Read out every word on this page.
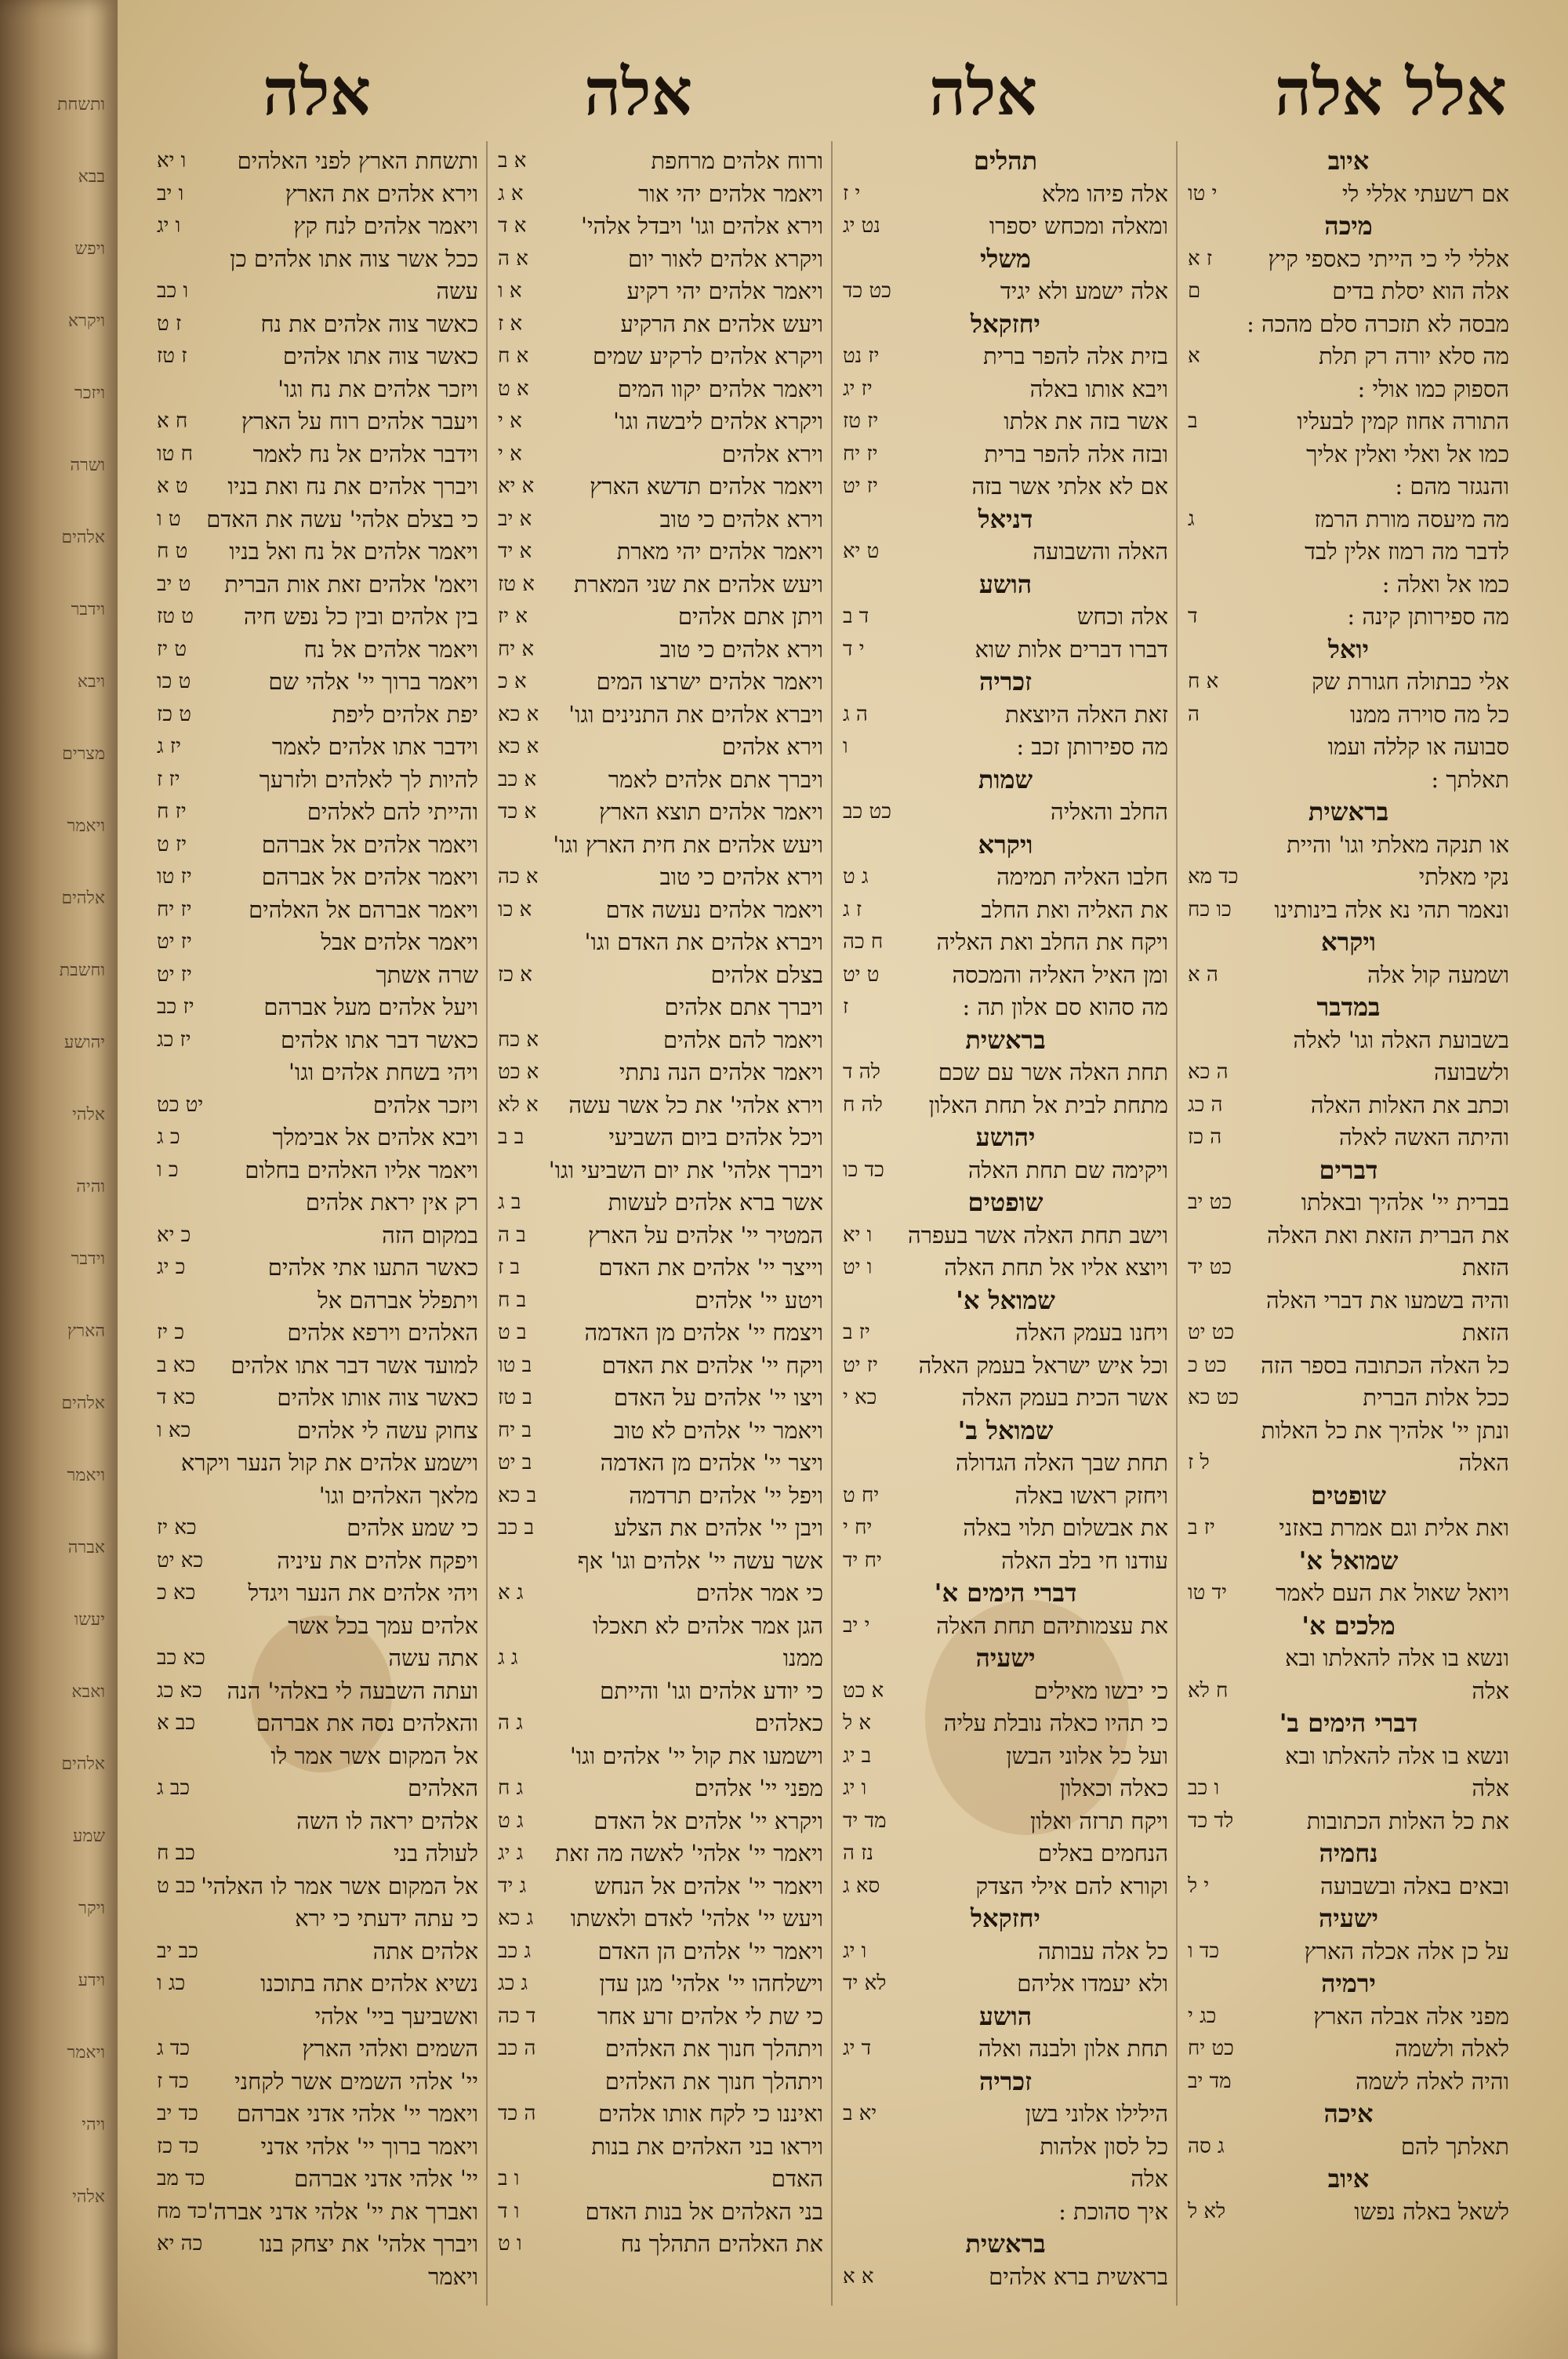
ותשחת
בבא
ויפש
ויקרא
ויזכר
ושרה
אלהים
וידבר
ויבא
מצרים
ויאמר
אלהים
וחשבת
יהושע
אלהי
והיה
וידבר
הארץ
אלהים
ויאמר
אברה
יעשו
ואבא
אלהים
שמע
ויקר
וידע
ויאמר
ויהי
אלהי
אלל אלה
אלה
אלה
אלה
איוב
אם רשעתי אללי לי
י טו
מיכה
אללי לי כי הייתי כאספי קיץ
ז א
אלה הוא יסלת בדים
ם
מבסה לא תזכרה סלם מהכה :
מה סלא יורה רק תלת
א
הספוק כמו אולי :
התורה אחוז קמין לבעליו
ב
כמו אל ואלי ואלין אליך
והנגזר מהם :
מה מיעסה מורת הרמז
ג
לדבר מה רמוז אלין לבד
כמו אל ואלה :
מה ספירותן קינה :
ד
יואל
אלי כבתולה חגורת שק
א ח
כל מה סוירה ממנו
ה
סבועה או קללה ועמו
תאלתך :
בראשית
או תנקה מאלתי וגו' והיית
נקי מאלתי
כד מא
ונאמר תהי נא אלה בינותינו
כו כח
ויקרא
ושמעה קול אלה
ה א
במדבר
בשבועת האלה וגו' לאלה
ולשבועה
ה כא
וכתב את האלות האלה
ה כג
והיתה האשה לאלה
ה כז
דברים
בברית יי' אלהיך ובאלתו
כט יב
את הברית הזאת ואת האלה
הזאת
כט יד
והיה בשמעו את דברי האלה
הזאת
כט יט
כל האלה הכתובה בספר הזה
כט כ
ככל אלות הברית
כט כא
ונתן יי' אלהיך את כל האלות
האלה
ל ז
שופטים
ואת אלית וגם אמרת באזני
יז ב
שמואל א'
ויואל שאול את העם לאמר
יד טו
מלכים א'
ונשא בו אלה להאלתו ובא
אלה
ח לא
דברי הימים ב'
ונשא בו אלה להאלתו ובא
אלה
ו כב
את כל האלות הכתובות
לד כד
נחמיה
ובאים באלה ובשבועה
י ל
ישעיה
על כן אלה אכלה הארץ
כד ו
ירמיה
מפני אלה אבלה הארץ
כג י
לאלה ולשמה
כט יח
והיה לאלה לשמה
מד יב
איכה
תאלתך להם
ג סה
איוב
לשאל באלה נפשו
לא ל
תהלים
אלה פיהו מלא
י ז
ומאלה ומכחש יספרו
נט יג
משלי
אלה ישמע ולא יגיד
כט כד
יחזקאל
בזית אלה להפר ברית
יז נט
ויבא אותו באלה
יז יג
אשר בזה את אלתו
יז טז
ובזה אלה להפר ברית
יז יח
אם לא אלתי אשר בזה
יז יט
דניאל
האלה והשבועה
ט יא
הושע
אלה וכחש
ד ב
דברו דברים אלות שוא
י ד
זכריה
זאת האלה היוצאת
ה ג
מה ספירותן זכב :
ו
שמות
החלב והאליה
כט כב
ויקרא
חלבו האליה תמימה
ג ט
את האליה ואת החלב
ז ג
ויקח את החלב ואת האליה
ח כה
ומן האיל האליה והמכסה
ט יט
מה סהוא סם אלון תה :
ז
בראשית
תחת האלה אשר עם שכם
לה ד
מתחת לבית אל תחת האלון
לה ח
יהושע
ויקימה שם תחת האלה
כד כו
שופטים
וישב תחת האלה אשר בעפרה
ו יא
ויוצא אליו אל תחת האלה
ו יט
שמואל א'
ויחנו בעמק האלה
יז ב
וכל איש ישראל בעמק האלה
יז יט
אשר הכית בעמק האלה
כא י
שמואל ב'
תחת שבך האלה הגדולה
ויחזק ראשו באלה
יח ט
את אבשלום תלוי באלה
יח י
עודנו חי בלב האלה
יח יד
דברי הימים א'
את עצמותיהם תחת האלה
י יב
ישעיה
כי יבשו מאילים
א כט
כי תהיו כאלה נובלת עליה
א ל
ועל כל אלוני הבשן
ב יג
כאלה וכאלון
ו יג
ויקח תרזה ואלון
מד יד
הנחמים באלים
נז ה
וקורא להם אילי הצדק
סא ג
יחזקאל
כל אלה עבותה
ו יג
ולא יעמדו אליהם
לא יד
הושע
תחת אלון ולבנה ואלה
ד יג
זכריה
הילילו אלוני בשן
יא ב
כל לסון אלהות
אלה
איך סהוכת :
בראשית
בראשית ברא אלהים
א א
ורוח אלהים מרחפת
א ב
ויאמר אלהים יהי אור
א ג
וירא אלהים וגו' ויבדל אלהי'
א ד
ויקרא אלהים לאור יום
א ה
ויאמר אלהים יהי רקיע
א ו
ויעש אלהים את הרקיע
א ז
ויקרא אלהים לרקיע שמים
א ח
ויאמר אלהים יקוו המים
א ט
ויקרא אלהים ליבשה וגו'
א י
וירא אלהים
א י
ויאמר אלהים תדשא הארץ
א יא
וירא אלהים כי טוב
א יב
ויאמר אלהים יהי מארת
א יד
ויעש אלהים את שני המארת
א טז
ויתן אתם אלהים
א יז
וירא אלהים כי טוב
א יח
ויאמר אלהים ישרצו המים
א כ
ויברא אלהים את התנינים וגו'
א כא
וירא אלהים
א כא
ויברך אתם אלהים לאמר
א כב
ויאמר אלהים תוצא הארץ
א כד
ויעש אלהים את חית הארץ וגו'
וירא אלהים כי טוב
א כה
ויאמר אלהים נעשה אדם
א כו
ויברא אלהים את האדם וגו'
בצלם אלהים
א כז
ויברך אתם אלהים
ויאמר להם אלהים
א כח
ויאמר אלהים הנה נתתי
א כט
וירא אלהי' את כל אשר עשה
א לא
ויכל אלהים ביום השביעי
ב ב
ויברך אלהי' את יום השביעי וגו'
אשר ברא אלהים לעשות
ב ג
המטיר יי' אלהים על הארץ
ב ה
וייצר יי' אלהים את האדם
ב ז
ויטע יי' אלהים
ב ח
ויצמח יי' אלהים מן האדמה
ב ט
ויקח יי' אלהים את האדם
ב טו
ויצו יי' אלהים על האדם
ב טז
ויאמר יי' אלהים לא טוב
ב יח
ויצר יי' אלהים מן האדמה
ב יט
ויפל יי' אלהים תרדמה
ב כא
ויבן יי' אלהים את הצלע
ב כב
אשר עשה יי' אלהים וגו' אף
כי אמר אלהים
ג א
הגן אמר אלהים לא תאכלו
ממנו
ג ג
כי יודע אלהים וגו' והייתם
כאלהים
ג ה
וישמעו את קול יי' אלהים וגו'
מפני יי' אלהים
ג ח
ויקרא יי' אלהים אל האדם
ג ט
ויאמר יי' אלהי' לאשה מה זאת
ג יג
ויאמר יי' אלהים אל הנחש
ג יד
ויעש יי' אלהי' לאדם ולאשתו
ג כא
ויאמר יי' אלהים הן האדם
ג כב
וישלחהו יי' אלהי' מגן עדן
ג כג
כי שת לי אלהים זרע אחר
ד כה
ויתהלך חנוך את האלהים
ה כב
ויתהלך חנוך את האלהים
ואיננו כי לקח אותו אלהים
ה כד
ויראו בני האלהים את בנות
האדם
ו ב
בני האלהים אל בנות האדם
ו ד
את האלהים התהלך נח
ו ט
ותשחת הארץ לפני האלהים
ו יא
וירא אלהים את הארץ
ו יב
ויאמר אלהים לנח קץ
ו יג
ככל אשר צוה אתו אלהים כן
עשה
ו כב
כאשר צוה אלהים את נח
ז ט
כאשר צוה אתו אלהים
ז טז
ויזכר אלהים את נח וגו'
ויעבר אלהים רוח על הארץ
ח א
וידבר אלהים אל נח לאמר
ח טו
ויברך אלהים את נח ואת בניו
ט א
כי בצלם אלהי' עשה את האדם
ט ו
ויאמר אלהים אל נח ואל בניו
ט ח
ויאמ' אלהים זאת אות הברית
ט יב
בין אלהים ובין כל נפש חיה
ט טז
ויאמר אלהים אל נח
ט יז
ויאמר ברוך יי' אלהי שם
ט כו
יפת אלהים ליפת
ט כז
וידבר אתו אלהים לאמר
יז ג
להיות לך לאלהים ולזרעך
יז ז
והייתי להם לאלהים
יז ח
ויאמר אלהים אל אברהם
יז ט
ויאמר אלהים אל אברהם
יז טו
ויאמר אברהם אל האלהים
יז יח
ויאמר אלהים אבל
יז יט
שרה אשתך
יז יט
ויעל אלהים מעל אברהם
יז כב
כאשר דבר אתו אלהים
יז כג
ויהי בשחת אלהים וגו'
ויזכר אלהים
יט כט
ויבא אלהים אל אבימלך
כ ג
ויאמר אליו האלהים בחלום
כ ו
רק אין יראת אלהים
במקום הזה
כ יא
כאשר התעו אתי אלהים
כ יג
ויתפלל אברהם אל
האלהים וירפא אלהים
כ יז
למועד אשר דבר אתו אלהים
כא ב
כאשר צוה אותו אלהים
כא ד
צחוק עשה לי אלהים
כא ו
וישמע אלהים את קול הנער ויקרא
מלאך האלהים וגו'
כי שמע אלהים
כא יז
ויפקח אלהים את עיניה
כא יט
ויהי אלהים את הנער ויגדל
כא כ
אלהים עמך בכל אשר
אתה עשה
כא כב
ועתה השבעה לי באלהי' הנה
כא כג
והאלהים נסה את אברהם
כב א
אל המקום אשר אמר לו
האלהים
כב ג
אלהים יראה לו השה
לעולה בני
כב ח
אל המקום אשר אמר לו האלהי'
כב ט
כי עתה ידעתי כי ירא
אלהים אתה
כב יב
נשיא אלהים אתה בתוכנו
כג ו
ואשביעך ביי' אלהי
השמים ואלהי הארץ
כד ג
יי' אלהי השמים אשר לקחני
כד ז
ויאמר יי' אלהי אדני אברהם
כד יב
ויאמר ברוך יי' אלהי אדני
כד כז
יי' אלהי אדני אברהם
כד מב
ואברך את יי' אלהי אדני אברה'
כד מח
ויברך אלהי' את יצחק בנו
כה יא
ויאמר
